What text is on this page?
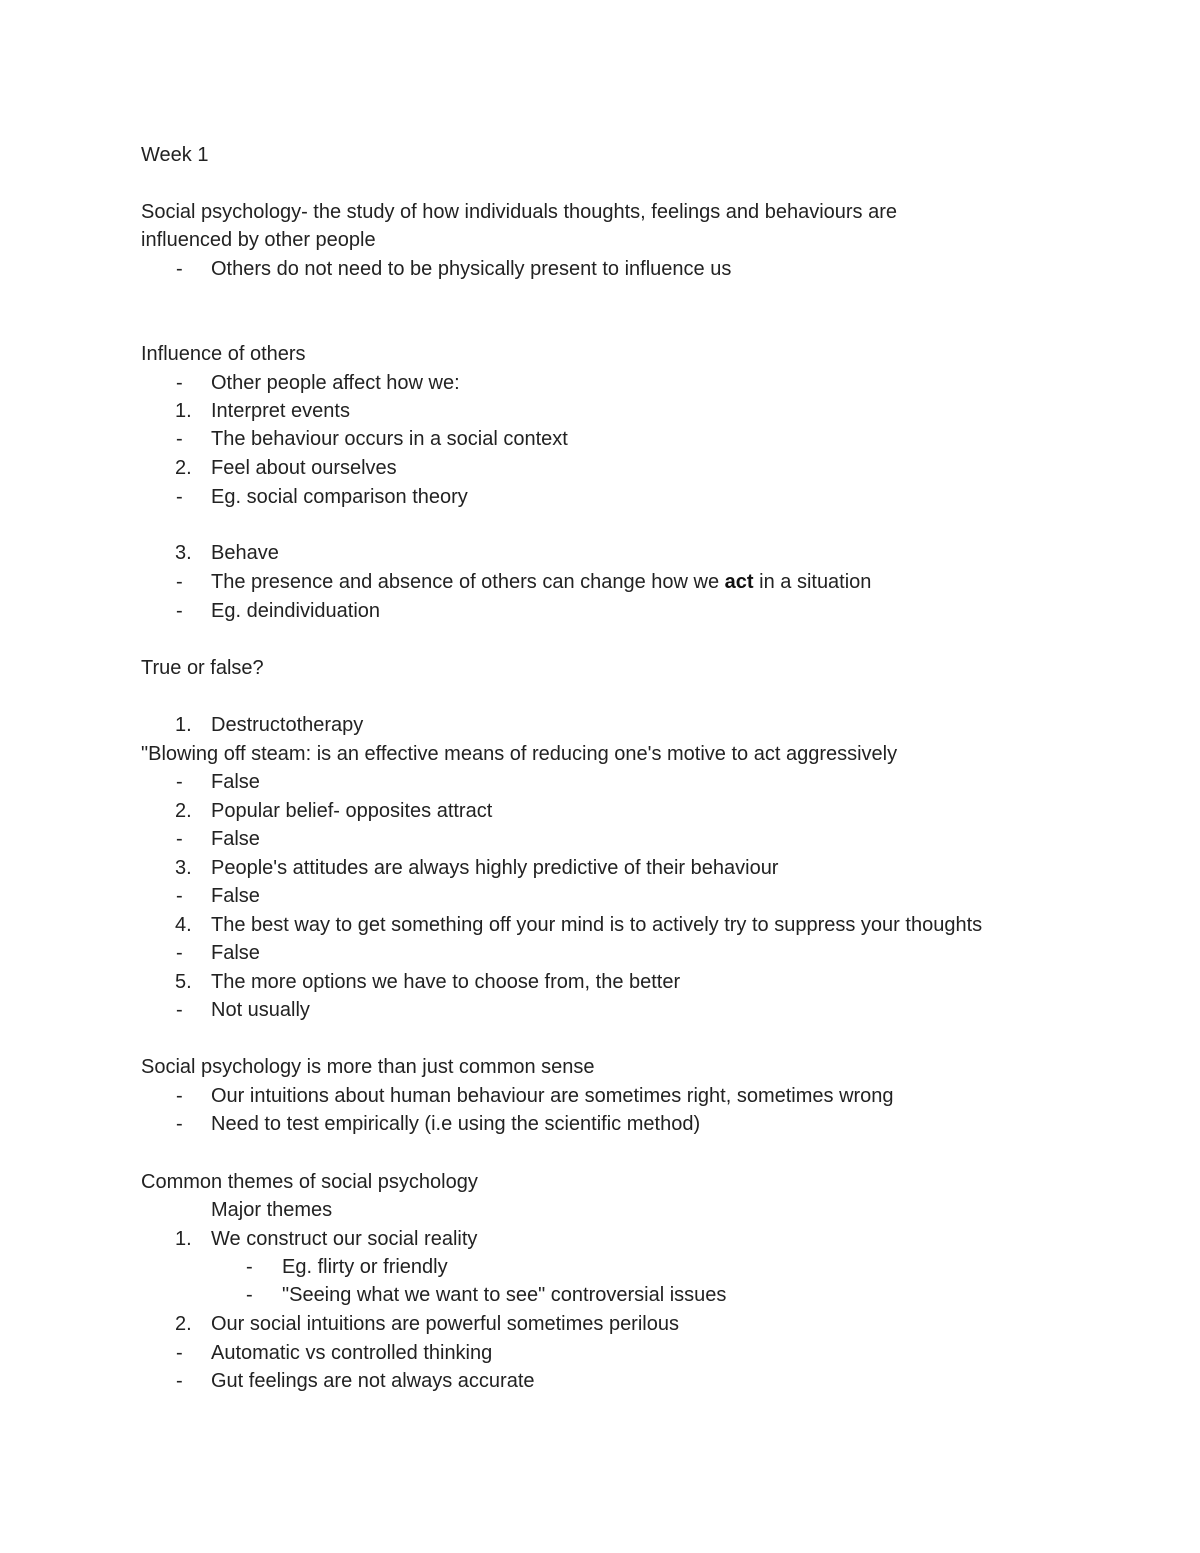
Week 1
Social psychology- the study of how individuals thoughts, feelings and behaviours are
influenced by other people
- Others do not need to be physically present to influence us
Influence of others
- Other people affect how we:
1. Interpret events
- The behaviour occurs in a social context
2. Feel about ourselves
- Eg. social comparison theory
3. Behave
- The presence and absence of others can change how we act in a situation
- Eg. deindividuation
True or false?
1. Destructotherapy
"Blowing off steam: is an effective means of reducing one's motive to act aggressively
- False
2. Popular belief- opposites attract
- False
3. People's attitudes are always highly predictive of their behaviour
- False
4. The best way to get something off your mind is to actively try to suppress your thoughts
- False
5. The more options we have to choose from, the better
- Not usually
Social psychology is more than just common sense
- Our intuitions about human behaviour are sometimes right, sometimes wrong
- Need to test empirically (i.e using the scientific method)
Common themes of social psychology
Major themes
1. We construct our social reality
- Eg. flirty or friendly
- "Seeing what we want to see" controversial issues
2. Our social intuitions are powerful sometimes perilous
- Automatic vs controlled thinking
- Gut feelings are not always accurate
